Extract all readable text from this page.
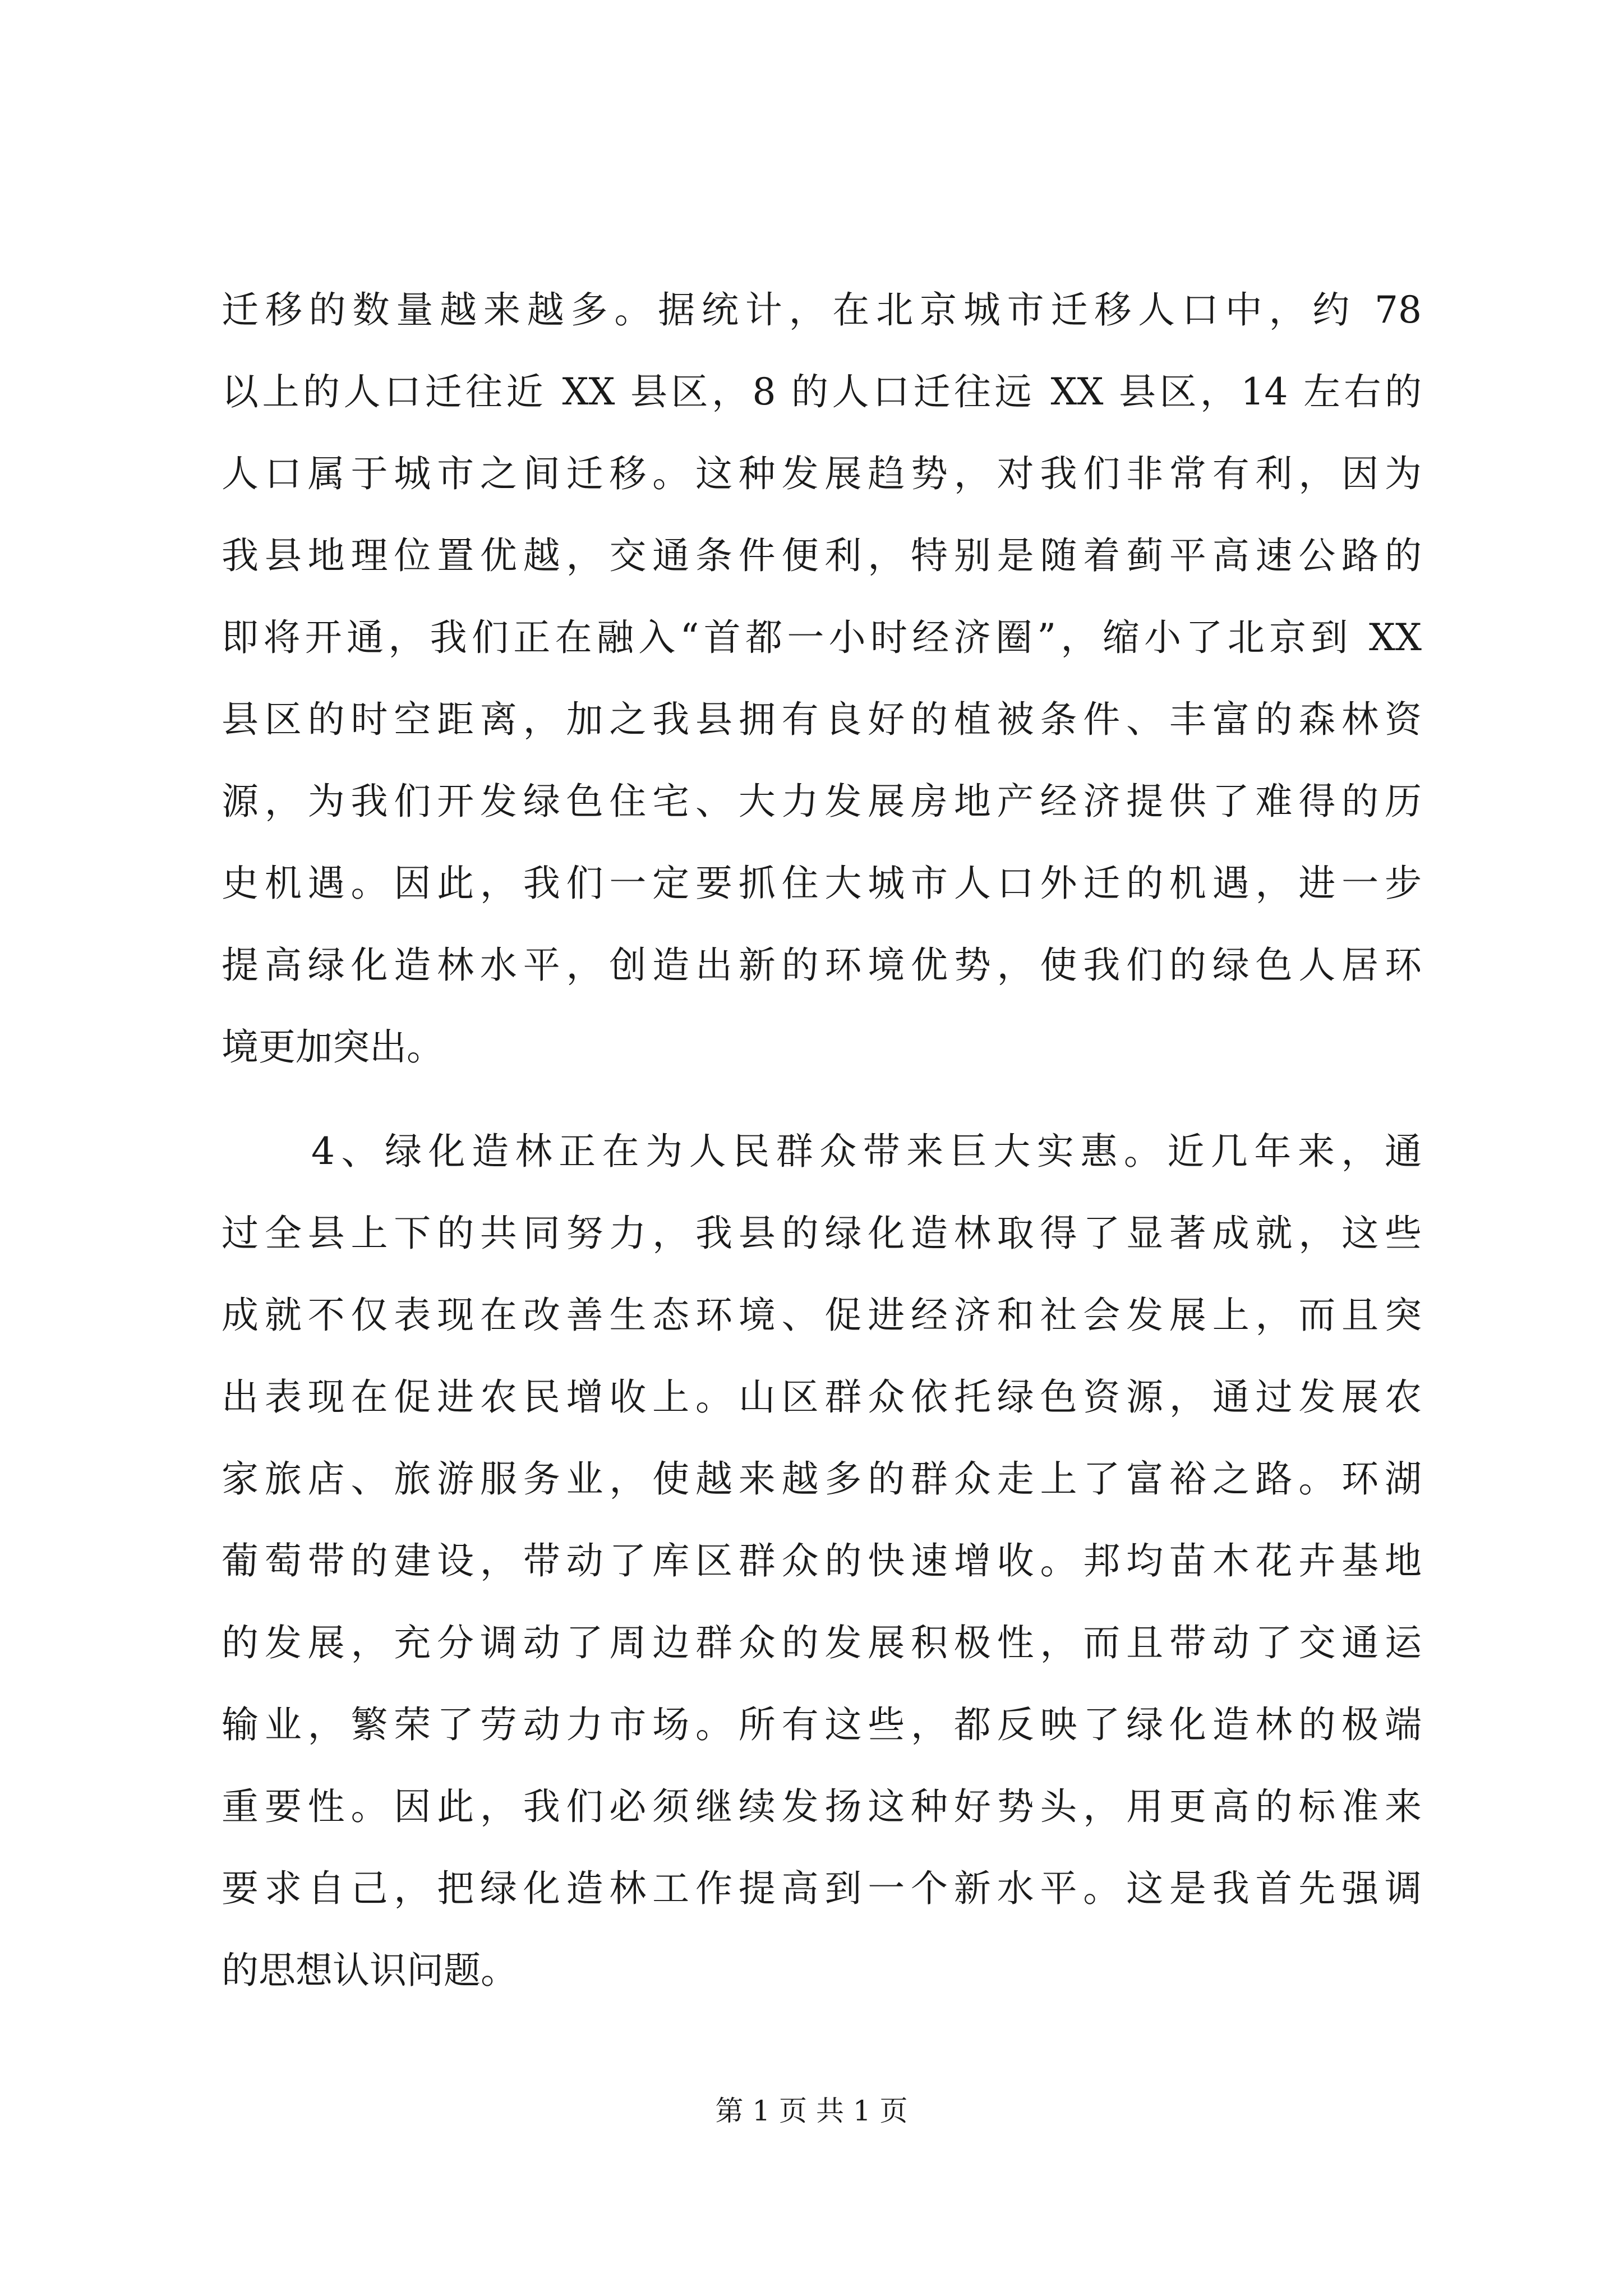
迁移的数量越来越多。据统计，在北京城市迁移人口中，约 78
以上的人口迁往近 XX 县区，8 的人口迁往远 XX 县区，14 左右的
人口属于城市之间迁移。这种发展趋势，对我们非常有利，因为
我县地理位置优越，交通条件便利，特别是随着蓟平高速公路的
即将开通，我们正在融入“首都一小时经济圈”，缩小了北京到 XX
县区的时空距离，加之我县拥有良好的植被条件、丰富的森林资
源，为我们开发绿色住宅、大力发展房地产经济提供了难得的历
史机遇。因此，我们一定要抓住大城市人口外迁的机遇，进一步
提高绿化造林水平，创造出新的环境优势，使我们的绿色人居环
境更加突出。
4、绿化造林正在为人民群众带来巨大实惠。近几年来，通
过全县上下的共同努力，我县的绿化造林取得了显著成就，这些
成就不仅表现在改善生态环境、促进经济和社会发展上，而且突
出表现在促进农民增收上。山区群众依托绿色资源，通过发展农
家旅店、旅游服务业，使越来越多的群众走上了富裕之路。环湖
葡萄带的建设，带动了库区群众的快速增收。邦均苗木花卉基地
的发展，充分调动了周边群众的发展积极性，而且带动了交通运
输业，繁荣了劳动力市场。所有这些，都反映了绿化造林的极端
重要性。因此，我们必须继续发扬这种好势头，用更高的标准来
要求自己，把绿化造林工作提高到一个新水平。这是我首先强调
的思想认识问题。
第 1 页 共 1 页
